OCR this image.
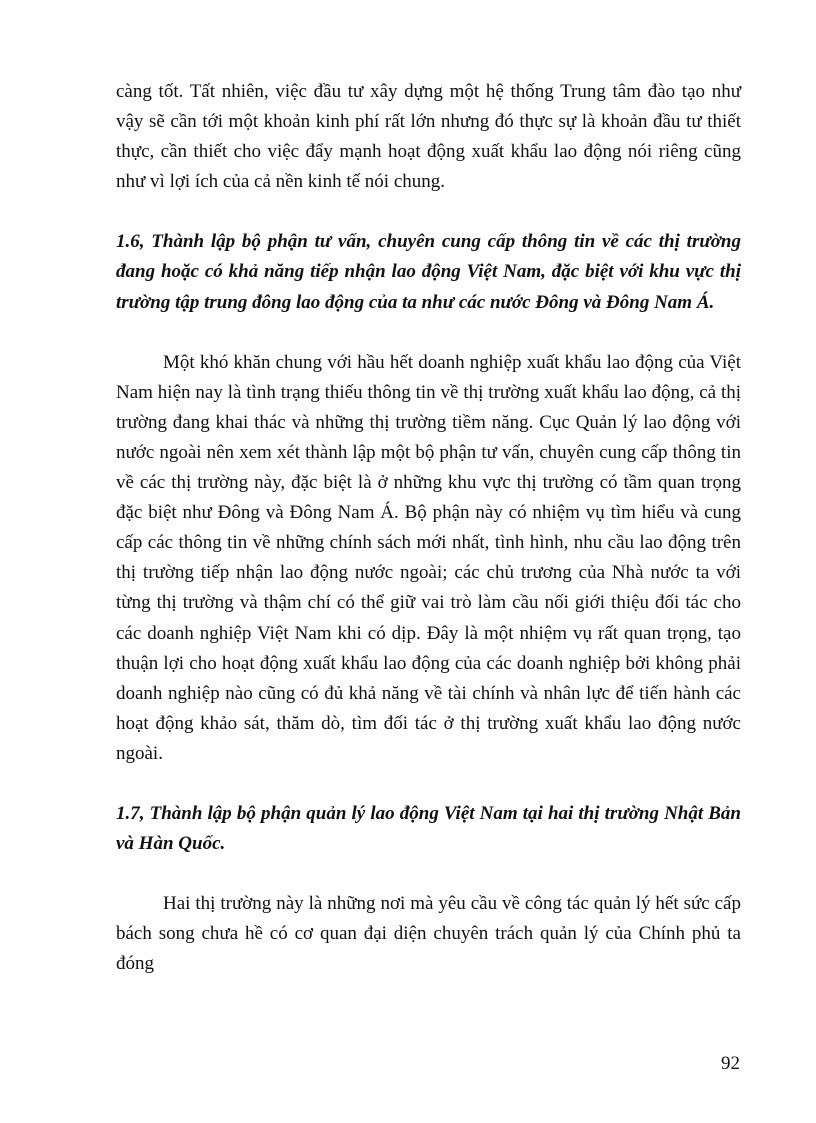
càng tốt. Tất nhiên, việc đầu tư xây dựng một hệ thống Trung tâm đào tạo như vậy sẽ cần tới một khoản kinh phí rất lớn nhưng đó thực sự là khoản đầu tư thiết thực, cần thiết cho việc đẩy mạnh hoạt động xuất khẩu lao động nói riêng cũng như vì lợi ích của cả nền kinh tế nói chung.

1.6, Thành lập bộ phận tư vấn, chuyên cung cấp thông tin về các thị trường đang hoặc có khả năng tiếp nhận lao động Việt Nam, đặc biệt với khu vực thị trường tập trung đông lao động của ta như các nước Đông và Đông Nam Á.

Một khó khăn chung với hầu hết doanh nghiệp xuất khẩu lao động của Việt Nam hiện nay là tình trạng thiếu thông tin về thị trường xuất khẩu lao động, cả thị trường đang khai thác và những thị trường tiềm năng. Cục Quản lý lao động với nước ngoài nên xem xét thành lập một bộ phận tư vấn, chuyên cung cấp thông tin về các thị trường này, đặc biệt là ở những khu vực thị trường có tầm quan trọng đặc biệt như Đông và Đông Nam Á. Bộ phận này có nhiệm vụ tìm hiểu và cung cấp các thông tin về những chính sách mới nhất, tình hình, nhu cầu lao động trên thị trường tiếp nhận lao động nước ngoài; các chủ trương của Nhà nước ta với từng thị trường và thậm chí có thể giữ vai trò làm cầu nối giới thiệu đối tác cho các doanh nghiệp Việt Nam khi có dịp. Đây là một nhiệm vụ rất quan trọng, tạo thuận lợi cho hoạt động xuất khẩu lao động của các doanh nghiệp bởi không phải doanh nghiệp nào cũng có đủ khả năng về tài chính và nhân lực để tiến hành các hoạt động khảo sát, thăm dò, tìm đối tác ở thị trường xuất khẩu lao động nước ngoài.

1.7, Thành lập bộ phận quản lý lao động Việt Nam tại hai thị trường Nhật Bản và Hàn Quốc.

Hai thị trường này là những nơi mà yêu cầu về công tác quản lý hết sức cấp bách song chưa hề có cơ quan đại diện chuyên trách quản lý của Chính phủ ta đóng

92
